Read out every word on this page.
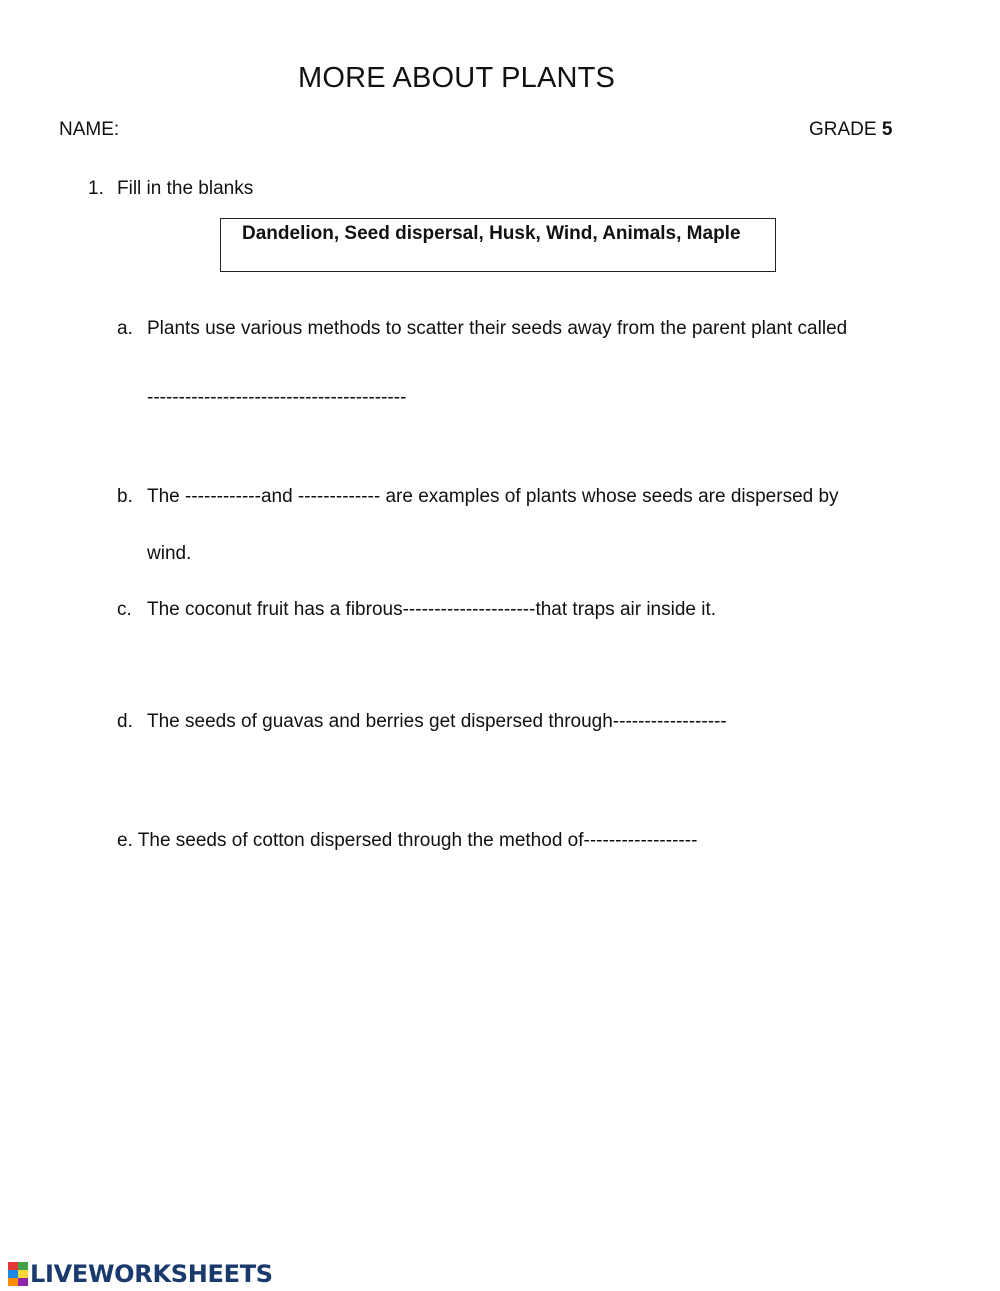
MORE ABOUT PLANTS
NAME:	GRADE 5
1. Fill in the blanks
Dandelion, Seed dispersal, Husk, Wind, Animals, Maple
a. Plants use various methods to scatter their seeds away from the parent plant called
-----------------------------------------
b. The ------------and ------------- are examples of plants whose seeds are dispersed by
wind.
c. The coconut fruit has a fibrous---------------------that traps air inside it.
d. The seeds of guavas and berries get dispersed through------------------
e. The seeds of cotton dispersed through the method of------------------
LIVEWORKSHEETS
